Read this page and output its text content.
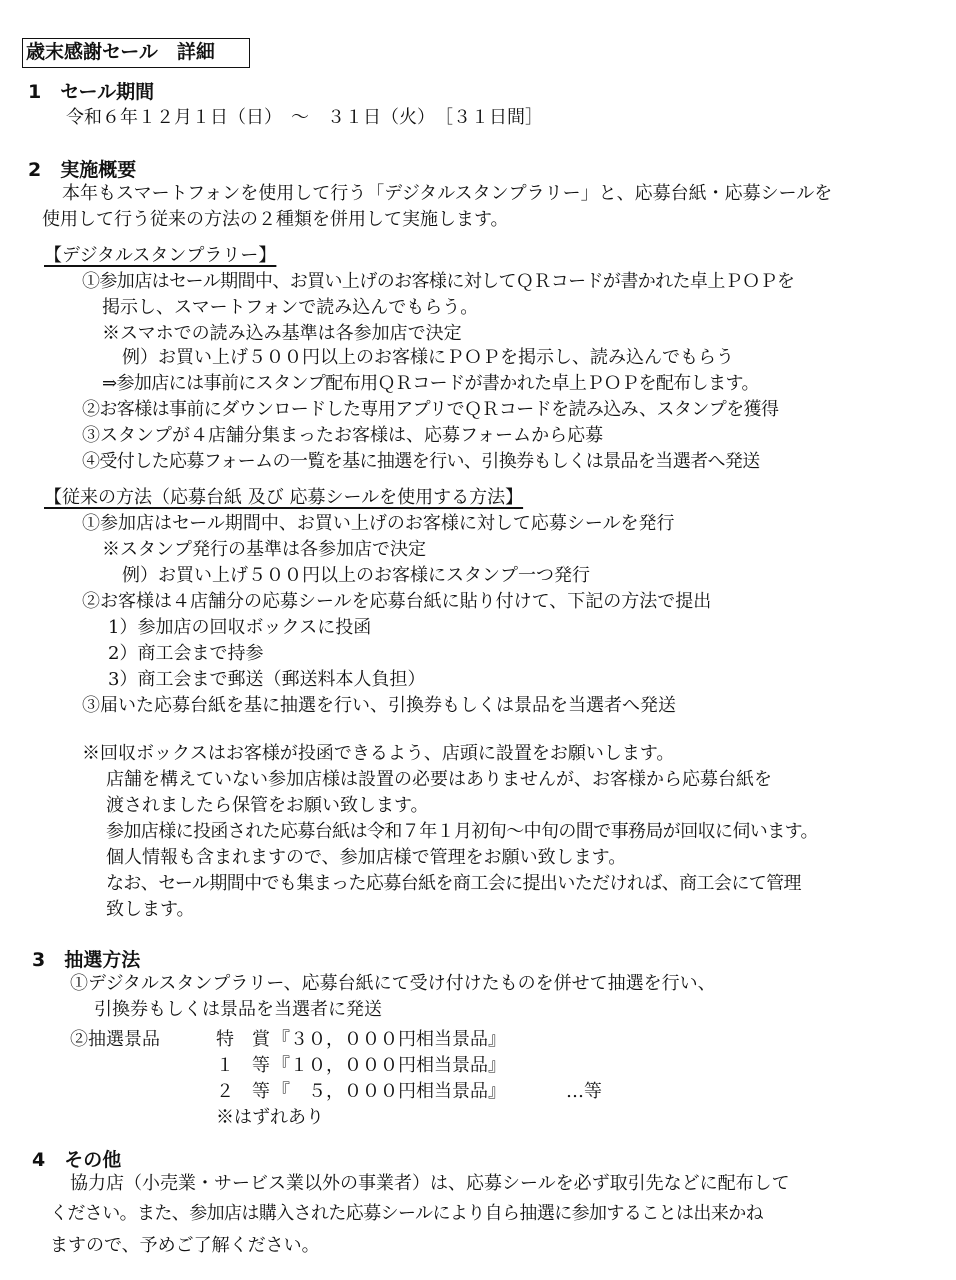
歳末感謝セール　詳細
1　セール期間
令和６年１２月１日（日）　～　３１日（火）　［３１日間］
2　実施概要
本年もスマートフォンを使用して行う「デジタルスタンプラリー」と、応募台紙・応募シールを
使用して行う従来の方法の２種類を併用して実施します。
【デジタルスタンプラリー】
①参加店はセール期間中、お買い上げのお客様に対してＱＲコードが書かれた卓上ＰＯＰを
掲示し、スマートフォンで読み込んでもらう。
※スマホでの読み込み基準は各参加店で決定
例）お買い上げ５００円以上のお客様にＰＯＰを掲示し、読み込んでもらう
⇒参加店には事前にスタンプ配布用ＱＲコードが書かれた卓上ＰＯＰを配布します。
②お客様は事前にダウンロードした専用アプリでＱＲコードを読み込み、スタンプを獲得
③スタンプが４店舗分集まったお客様は、応募フォームから応募
④受付した応募フォームの一覧を基に抽選を行い、引換券もしくは景品を当選者へ発送
【従来の方法（応募台紙 及び 応募シールを使用する方法】
①参加店はセール期間中、お買い上げのお客様に対して応募シールを発行
※スタンプ発行の基準は各参加店で決定
例）お買い上げ５００円以上のお客様にスタンプ一つ発行
②お客様は４店舗分の応募シールを応募台紙に貼り付けて、下記の方法で提出
1）参加店の回収ボックスに投函
2）商工会まで持参
3）商工会まで郵送（郵送料本人負担）
③届いた応募台紙を基に抽選を行い、引換券もしくは景品を当選者へ発送
※回収ボックスはお客様が投函できるよう、店頭に設置をお願いします。
店舗を構えていない参加店様は設置の必要はありませんが、お客様から応募台紙を
渡されましたら保管をお願い致します。
参加店様に投函された応募台紙は令和７年１月初旬～中旬の間で事務局が回収に伺います。
個人情報も含まれますので、参加店様で管理をお願い致します。
なお、セール期間中でも集まった応募台紙を商工会に提出いただければ、商工会にて管理
致します。
3　抽選方法
①デジタルスタンプラリー、応募台紙にて受け付けたものを併せて抽選を行い、
引換券もしくは景品を当選者に発送
②抽選景品	特　賞 『３０，０００円相当景品』
１　等 『１０，０００円相当景品』
２　等 『　５，０００円相当景品』	…等
※はずれあり
4　その他
協力店（小売業・サービス業以外の事業者）は、応募シールを必ず取引先などに配布して
ください。また、参加店は購入された応募シールにより自ら抽選に参加することは出来かね
ますので、予めご了解ください。
